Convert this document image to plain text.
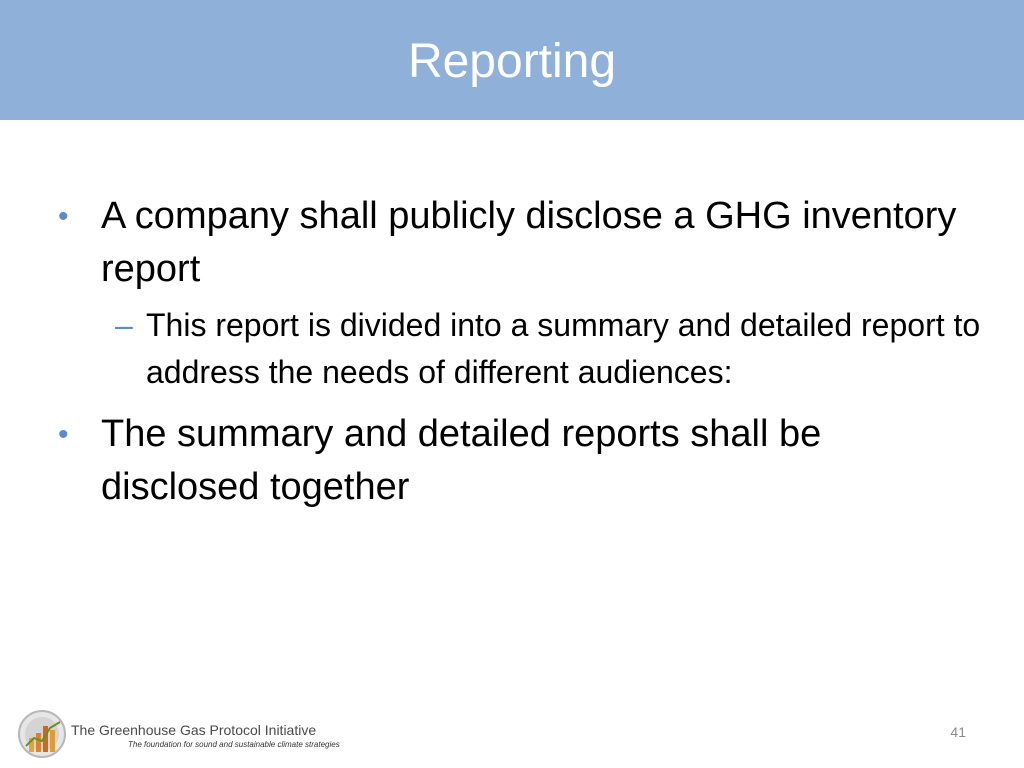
Reporting
• A company shall publicly disclose a GHG inventory report
– This report is divided into a summary and detailed report to address the needs of different audiences:
• The summary and detailed reports shall be disclosed together
The Greenhouse Gas Protocol Initiative
The foundation for sound and sustainable climate strategies
41
